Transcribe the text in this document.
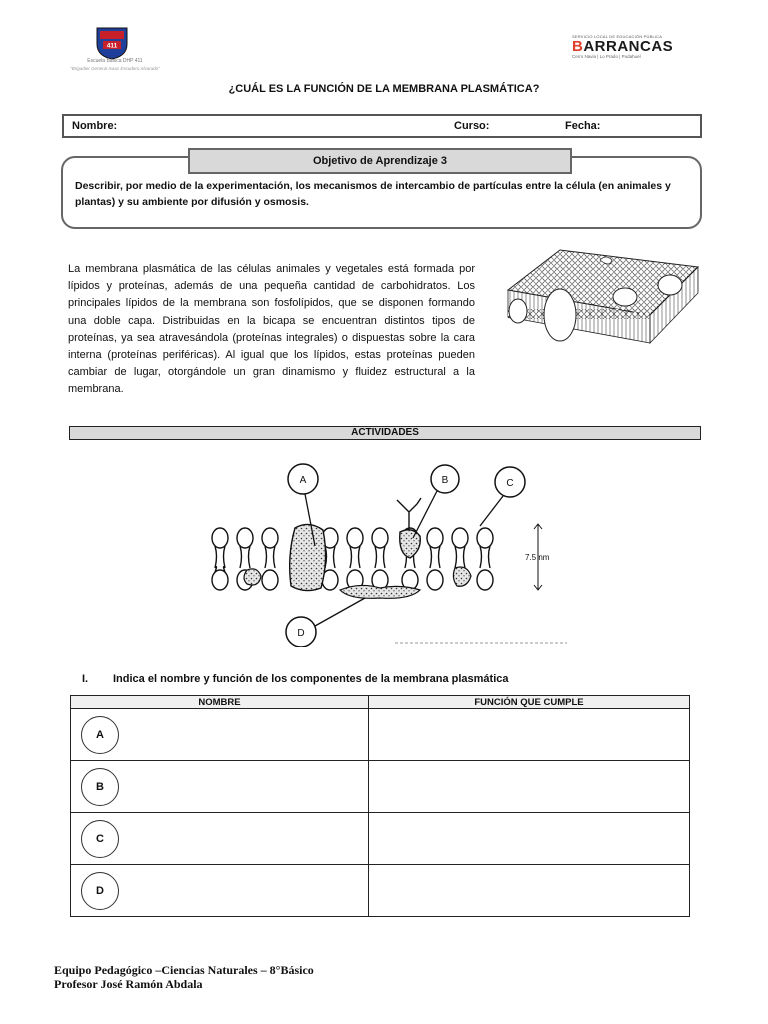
411
Escuela Básica DHP 411
"Brigadier General Isaac Escudero Alvarado"
SERVICIO LOCAL DE EDUCACIÓN PÚBLICA
BARRANCAS
Cerro Navia | Lo Prado | Pudahuel
¿CUÁL ES LA FUNCIÓN DE LA MEMBRANA PLASMÁTICA?
Nombre:	Curso:	Fecha:
Objetivo de Aprendizaje 3
Describir, por medio de la experimentación, los mecanismos de intercambio de partículas entre la célula (en animales y plantas) y su ambiente por difusión y osmosis.
La membrana plasmática de las células animales y vegetales está formada por lípidos y proteínas, además de una pequeña cantidad de carbohidratos. Los principales lípidos de la membrana son fosfolípidos, que se disponen formando una doble capa. Distribuidas en la bicapa se encuentran distintos tipos de proteínas, ya sea atravesándola (proteínas integrales) o dispuestas sobre la cara interna (proteínas periféricas). Al igual que los lípidos, estas proteínas pueden cambiar de lugar, otorgándole un gran dinamismo y fluidez estructural a la membrana.
ACTIVIDADES
A	B	C
D
7.5 nm
I. Indica el nombre y función de los componentes de la membrana plasmática
NOMBRE	FUNCIÓN QUE CUMPLE

A	

B	

C	

D	

Equipo Pedagógico –Ciencias Naturales – 8°Básico
Profesor José Ramón Abdala
